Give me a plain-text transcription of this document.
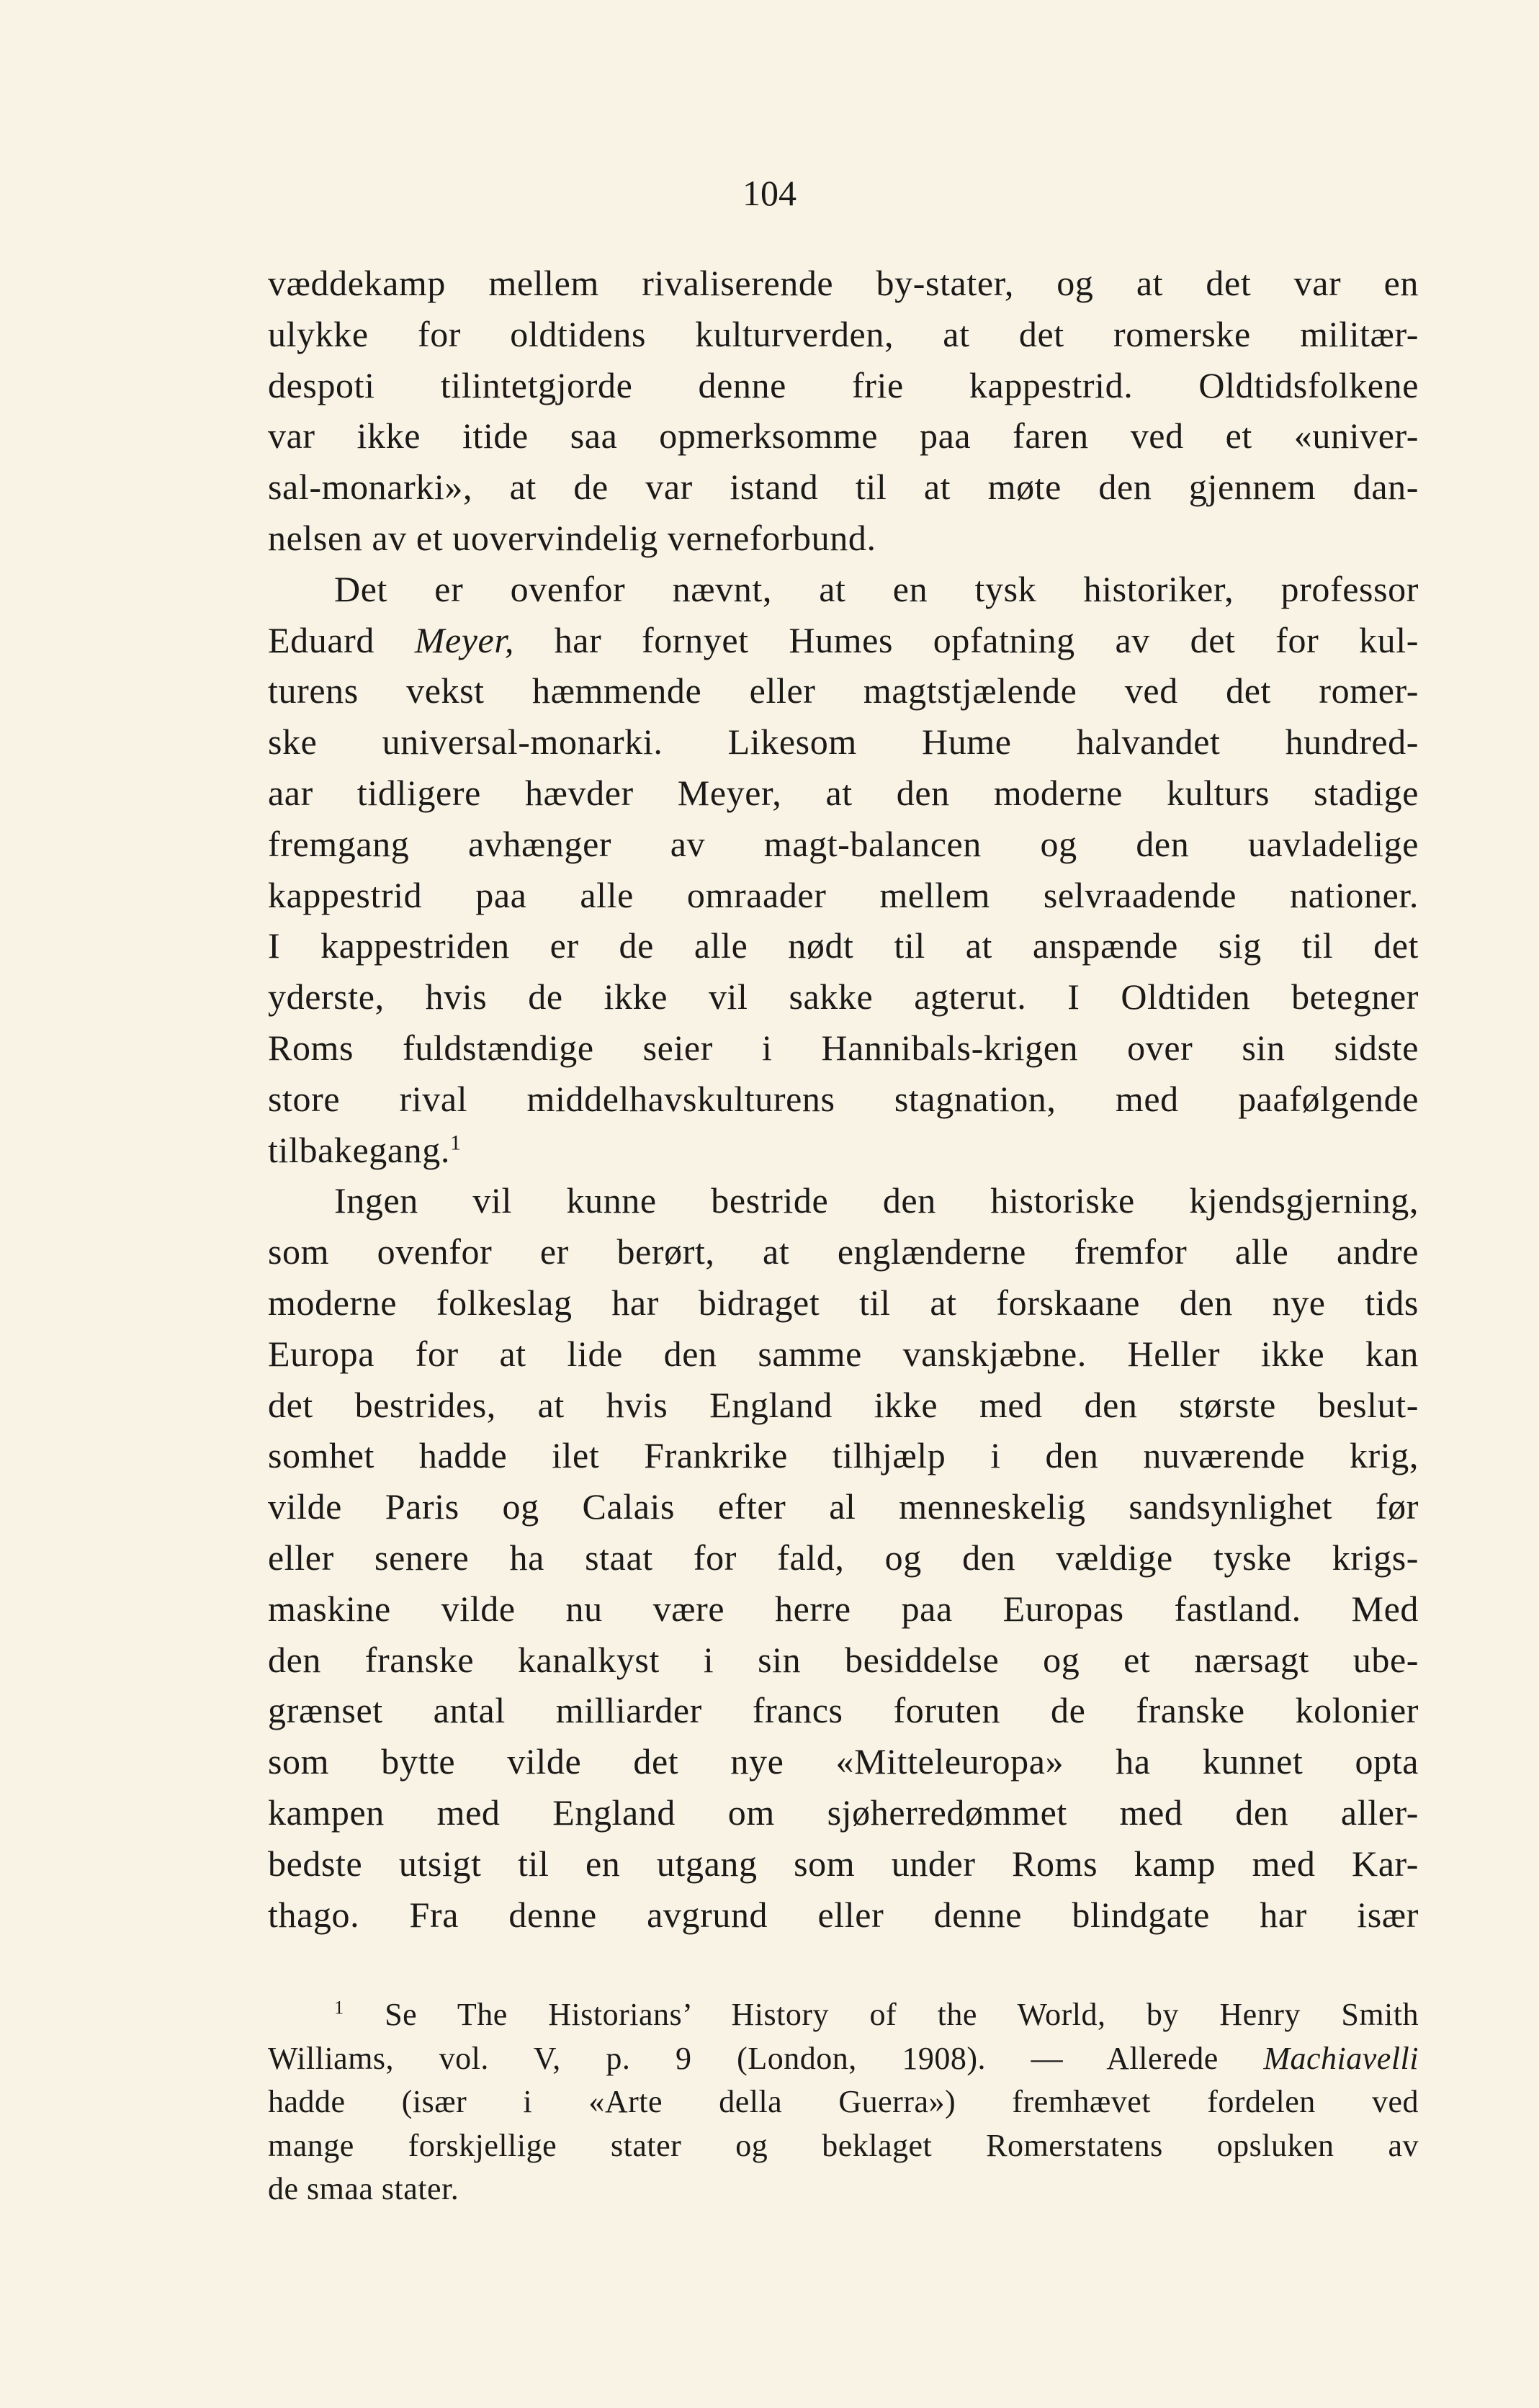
104
væddekamp mellem rivaliserende by-stater, og at det var en
ulykke for oldtidens kulturverden, at det romerske militær-
despoti tilintetgjorde denne frie kappestrid. Oldtidsfolkene
var ikke itide saa opmerksomme paa faren ved et «univer-
sal-monarki», at de var istand til at møte den gjennem dan-
nelsen av et uovervindelig verneforbund.
Det er ovenfor nævnt, at en tysk historiker, professor
Eduard Meyer, har fornyet Humes opfatning av det for kul-
turens vekst hæmmende eller magtstjælende ved det romer-
ske universal-monarki. Likesom Hume halvandet hundred-
aar tidligere hævder Meyer, at den moderne kulturs stadige
fremgang avhænger av magt-balancen og den uavladelige
kappestrid paa alle omraader mellem selvraadende nationer.
I kappestriden er de alle nødt til at anspænde sig til det
yderste, hvis de ikke vil sakke agterut. I Oldtiden betegner
Roms fuldstændige seier i Hannibals-krigen over sin sidste
store rival middelhavskulturens stagnation, med paafølgende
tilbakegang.$^1$
Ingen vil kunne bestride den historiske kjendsgjerning,
som ovenfor er berørt, at englænderne fremfor alle andre
moderne folkeslag har bidraget til at forskaane den nye tids
Europa for at lide den samme vanskjæbne. Heller ikke kan
det bestrides, at hvis England ikke med den største beslut-
somhet hadde ilet Frankrike tilhjælp i den nuværende krig,
vilde Paris og Calais efter al menneskelig sandsynlighet før
eller senere ha staat for fald, og den vældige tyske krigs-
maskine vilde nu være herre paa Europas fastland. Med
den franske kanalkyst i sin besiddelse og et nærsagt ube-
grænset antal milliarder francs foruten de franske kolonier
som bytte vilde det nye «Mitteleuropa» ha kunnet opta
kampen med England om sjøherredømmet med den aller-
bedste utsigt til en utgang som under Roms kamp med Kar-
thago. Fra denne avgrund eller denne blindgate har især
$^1$ Se The Historians’ History of the World, by Henry Smith
Williams, vol. V, p. 9 (London, 1908). — Allerede Machiavelli
hadde (især i «Arte della Guerra») fremhævet fordelen ved
mange forskjellige stater og beklaget Romerstatens opsluken av
de smaa stater.
